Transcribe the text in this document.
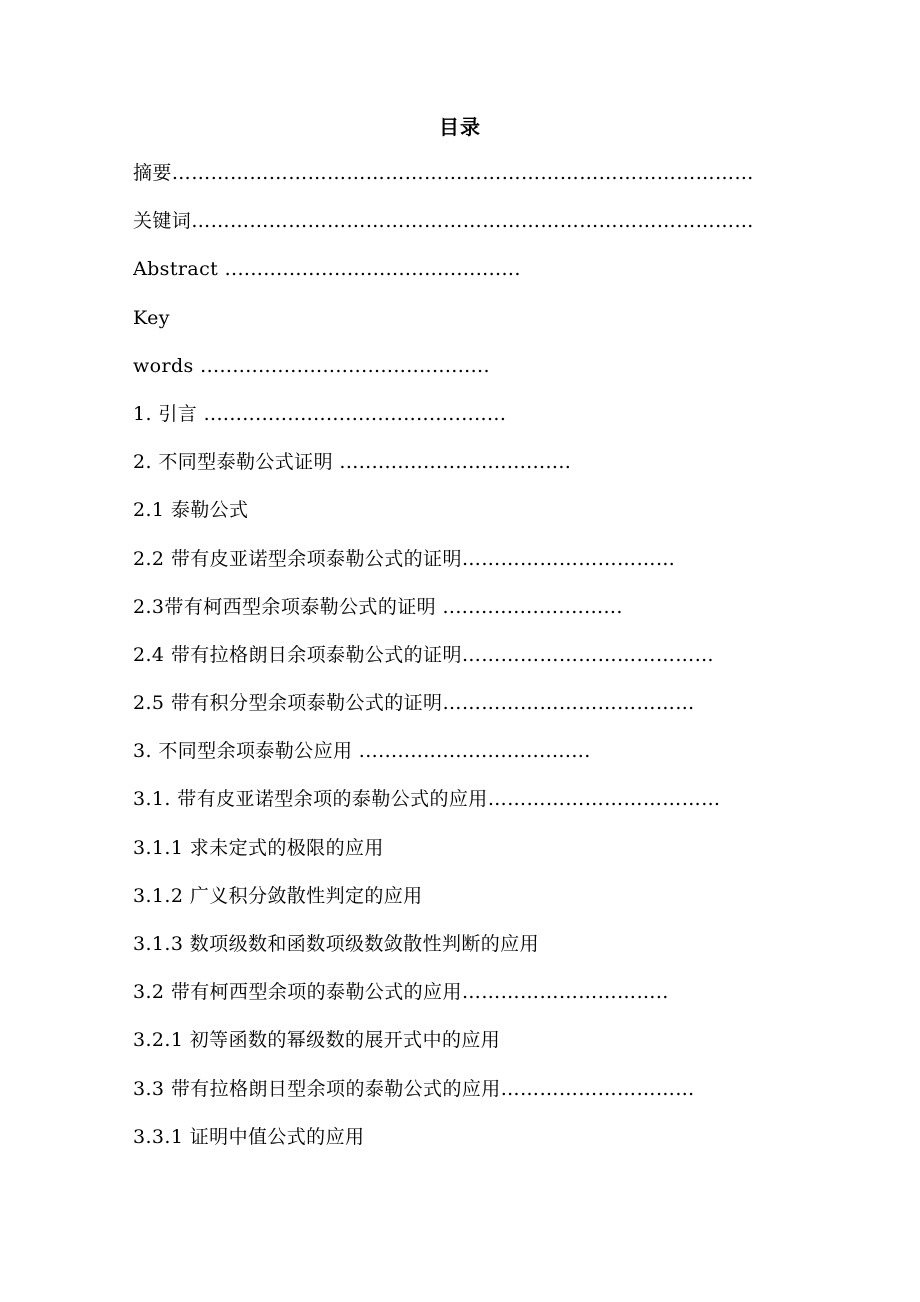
目录
摘要………………………………………………………………………………
关键词……………………………………………………………………………
Abstract ..............................................
Key
words .............................................
1. 引言 ...............................................
2. 不同型泰勒公式证明 ....................................
2.1 泰勒公式
2.2 带有皮亚诺型余项泰勒公式的证明……………………………
2.3带有柯西型余项泰勒公式的证明 ............................
2.4 带有拉格朗日余项泰勒公式的证明…………………………………
2.5 带有积分型余项泰勒公式的证明…………………………………
3. 不同型余项泰勒公应用 ....................................
3.1. 带有皮亚诺型余项的泰勒公式的应用………………………………
3.1.1 求未定式的极限的应用
3.1.2 广义积分敛散性判定的应用
3.1.3 数项级数和函数项级数敛散性判断的应用
3.2 带有柯西型余项的泰勒公式的应用…………………………..
3.2.1 初等函数的幂级数的展开式中的应用
3.3 带有拉格朗日型余项的泰勒公式的应用…………………………
3.3.1 证明中值公式的应用
